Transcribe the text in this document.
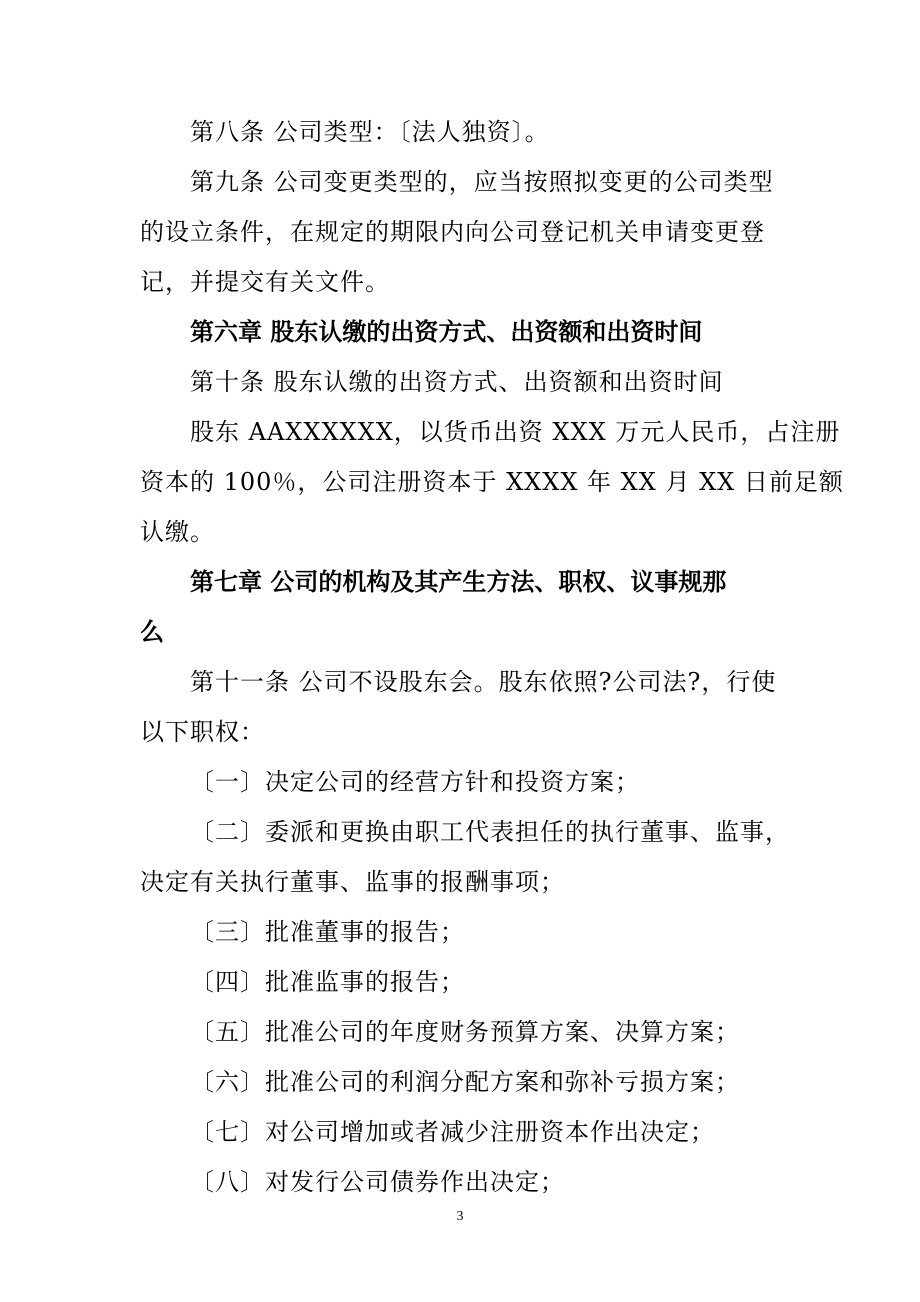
第八条 公司类型：〔法人独资〕。
第九条 公司变更类型的，应当按照拟变更的公司类型
的设立条件，在规定的期限内向公司登记机关申请变更登
记，并提交有关文件。
第六章 股东认缴的出资方式、出资额和出资时间
第十条 股东认缴的出资方式、出资额和出资时间
股东 AAXXXXXX，以货币出资 XXX 万元人民币，占注册
资本的 100％，公司注册资本于 XXXX 年 XX 月 XX 日前足额
认缴。
第七章 公司的机构及其产生方法、职权、议事规那
么
第十一条 公司不设股东会。股东依照?公司法?，行使
以下职权：
〔一〕决定公司的经营方针和投资方案；
〔二〕委派和更换由职工代表担任的执行董事、监事，
决定有关执行董事、监事的报酬事项；
〔三〕批准董事的报告；
〔四〕批准监事的报告；
〔五〕批准公司的年度财务预算方案、决算方案；
〔六〕批准公司的利润分配方案和弥补亏损方案；
〔七〕对公司增加或者减少注册资本作出决定；
〔八〕对发行公司债券作出决定；
3
